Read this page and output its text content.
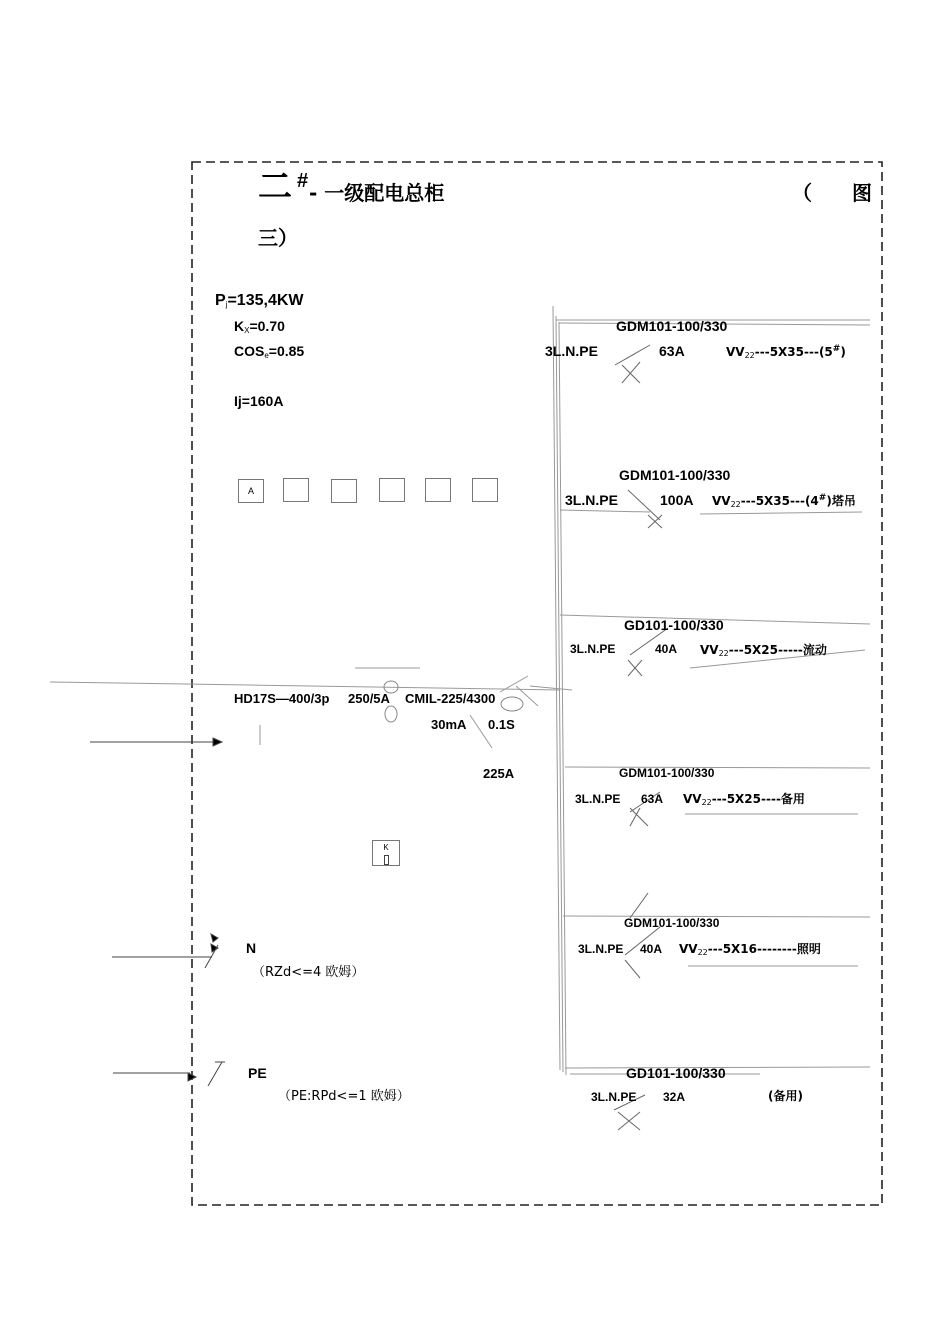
二 # - 一级配电总柜	（ 图
三）
$P_j=135,4KW$
$K_X=0.70$
$COS_e=0.85$
Ij=160A
A
HD17S—400/3p 250/5A CMIL-225/4300
30mA 0.1S
225A
K
N
（RZd<=4 欧姆）
PE
（PE:RPd<=1 欧姆）
GDM101-100/330
3L.N.PE	63A	$VV_{22}---5X35---(5^{\#})$
GDM101-100/330
3L.N.PE	100A $VV_{22}---5X35---(4^{\#})$塔吊
GD101-100/330
3L.N.PE	40A $VV_{22}---5X25-----$流动
GDM101-100/330
3L.N.PE 63A $VV_{22}---5X25----$备用
GDM101-100/330
3L.N.PE 40A $VV_{22}---5X16--------$照明
GD101-100/330
3L.N.PE 32A	(备用)
